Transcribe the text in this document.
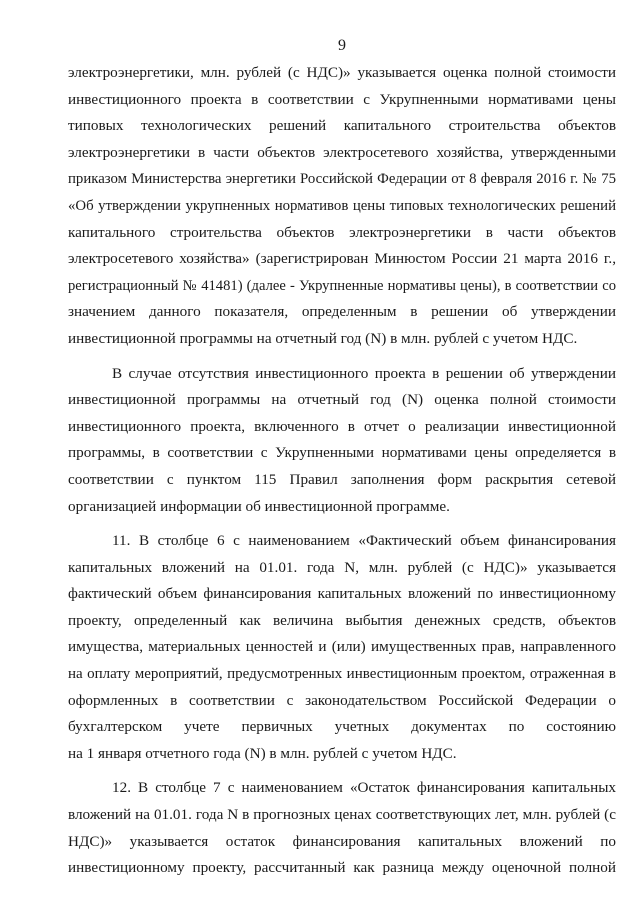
9
электроэнергетики, млн. рублей (с НДС)» указывается оценка полной стоимости
инвестиционного проекта в соответствии с Укрупненными нормативами цены
типовых технологических решений капитального строительства объектов
электроэнергетики в части объектов электросетевого хозяйства, утвержденными
приказом Министерства энергетики Российской Федерации от 8 февраля 2016 г. № 75
«Об утверждении укрупненных нормативов цены типовых технологических решений
капитального строительства объектов электроэнергетики в части объектов
электросетевого хозяйства» (зарегистрирован Минюстом России 21 марта 2016 г.,
регистрационный № 41481) (далее - Укрупненные нормативы цены), в соответствии со
значением данного показателя, определенным в решении об утверждении
инвестиционной программы на отчетный год (N) в млн. рублей с учетом НДС.
В случае отсутствия инвестиционного проекта в решении об утверждении
инвестиционной программы на отчетный год (N) оценка полной стоимости
инвестиционного проекта, включенного в отчет о реализации инвестиционной
программы, в соответствии с Укрупненными нормативами цены определяется в
соответствии с пунктом 115 Правил заполнения форм раскрытия сетевой
организацией информации об инвестиционной программе.
11. В столбце 6 с наименованием «Фактический объем финансирования
капитальных вложений на 01.01. года N, млн. рублей (с НДС)» указывается
фактический объем финансирования капитальных вложений по инвестиционному
проекту, определенный как величина выбытия денежных средств, объектов
имущества, материальных ценностей и (или) имущественных прав, направленного
на оплату мероприятий, предусмотренных инвестиционным проектом, отраженная в
оформленных в соответствии с законодательством Российской Федерации о
бухгалтерском учете первичных учетных документах по состоянию
на 1 января отчетного года (N) в млн. рублей с учетом НДС.
12. В столбце 7 с наименованием «Остаток финансирования капитальных
вложений на 01.01. года N в прогнозных ценах соответствующих лет, млн. рублей (с
НДС)» указывается остаток финансирования капитальных вложений по
инвестиционному проекту, рассчитанный как разница между оценочной полной
